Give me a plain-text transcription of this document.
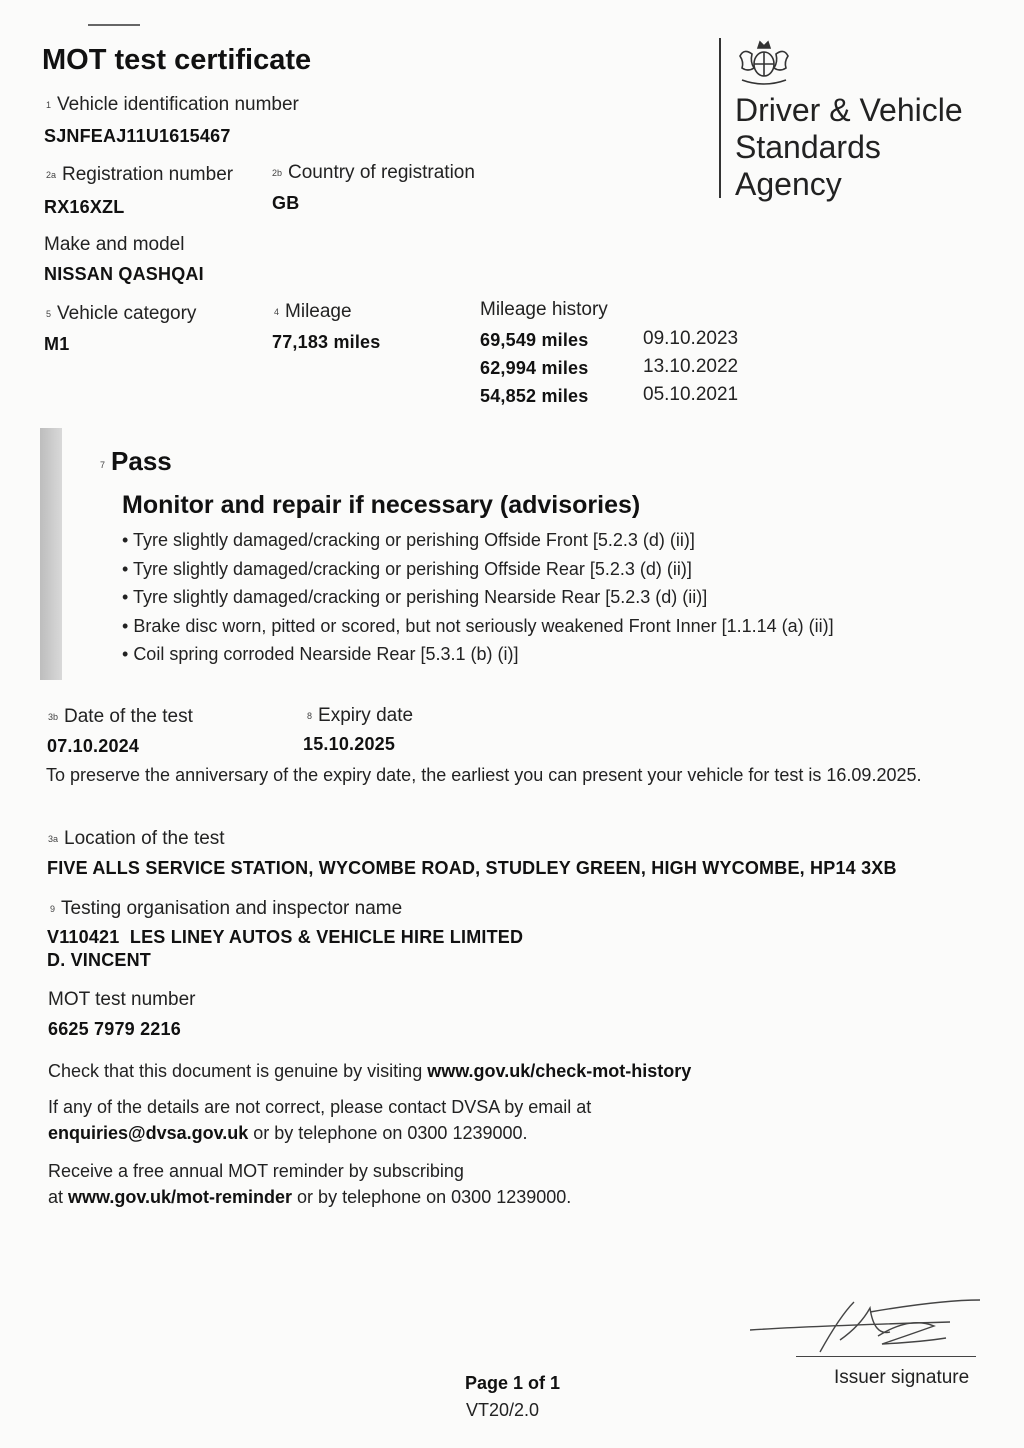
MOT test certificate
Driver & Vehicle
Standards
Agency
1 Vehicle identification number
SJNFEAJ11U1615467
2a Registration number
RX16XZL
2b Country of registration
GB
Make and model
NISSAN QASHQAI
5 Vehicle category
M1
4 Mileage
77,183 miles
Mileage history
69,549 miles	09.10.2023
62,994 miles	13.10.2022
54,852 miles	05.10.2021
7 Pass
Monitor and repair if necessary (advisories)
• Tyre slightly damaged/cracking or perishing Offside Front [5.2.3 (d) (ii)]
• Tyre slightly damaged/cracking or perishing Offside Rear [5.2.3 (d) (ii)]
• Tyre slightly damaged/cracking or perishing Nearside Rear [5.2.3 (d) (ii)]
• Brake disc worn, pitted or scored, but not seriously weakened Front Inner [1.1.14 (a) (ii)]
• Coil spring corroded Nearside Rear [5.3.1 (b) (i)]
3b Date of the test
07.10.2024
8 Expiry date
15.10.2025
To preserve the anniversary of the expiry date, the earliest you can present your vehicle for test is 16.09.2025.
3a Location of the test
FIVE ALLS SERVICE STATION, WYCOMBE ROAD, STUDLEY GREEN, HIGH WYCOMBE, HP14 3XB
9 Testing organisation and inspector name
V110421 LES LINEY AUTOS & VEHICLE HIRE LIMITED
D. VINCENT
MOT test number
6625 7979 2216
Check that this document is genuine by visiting www.gov.uk/check-mot-history
If any of the details are not correct, please contact DVSA by email at
enquiries@dvsa.gov.uk or by telephone on 0300 1239000.
Receive a free annual MOT reminder by subscribing
at www.gov.uk/mot-reminder or by telephone on 0300 1239000.
Issuer signature
Page 1 of 1
VT20/2.0
